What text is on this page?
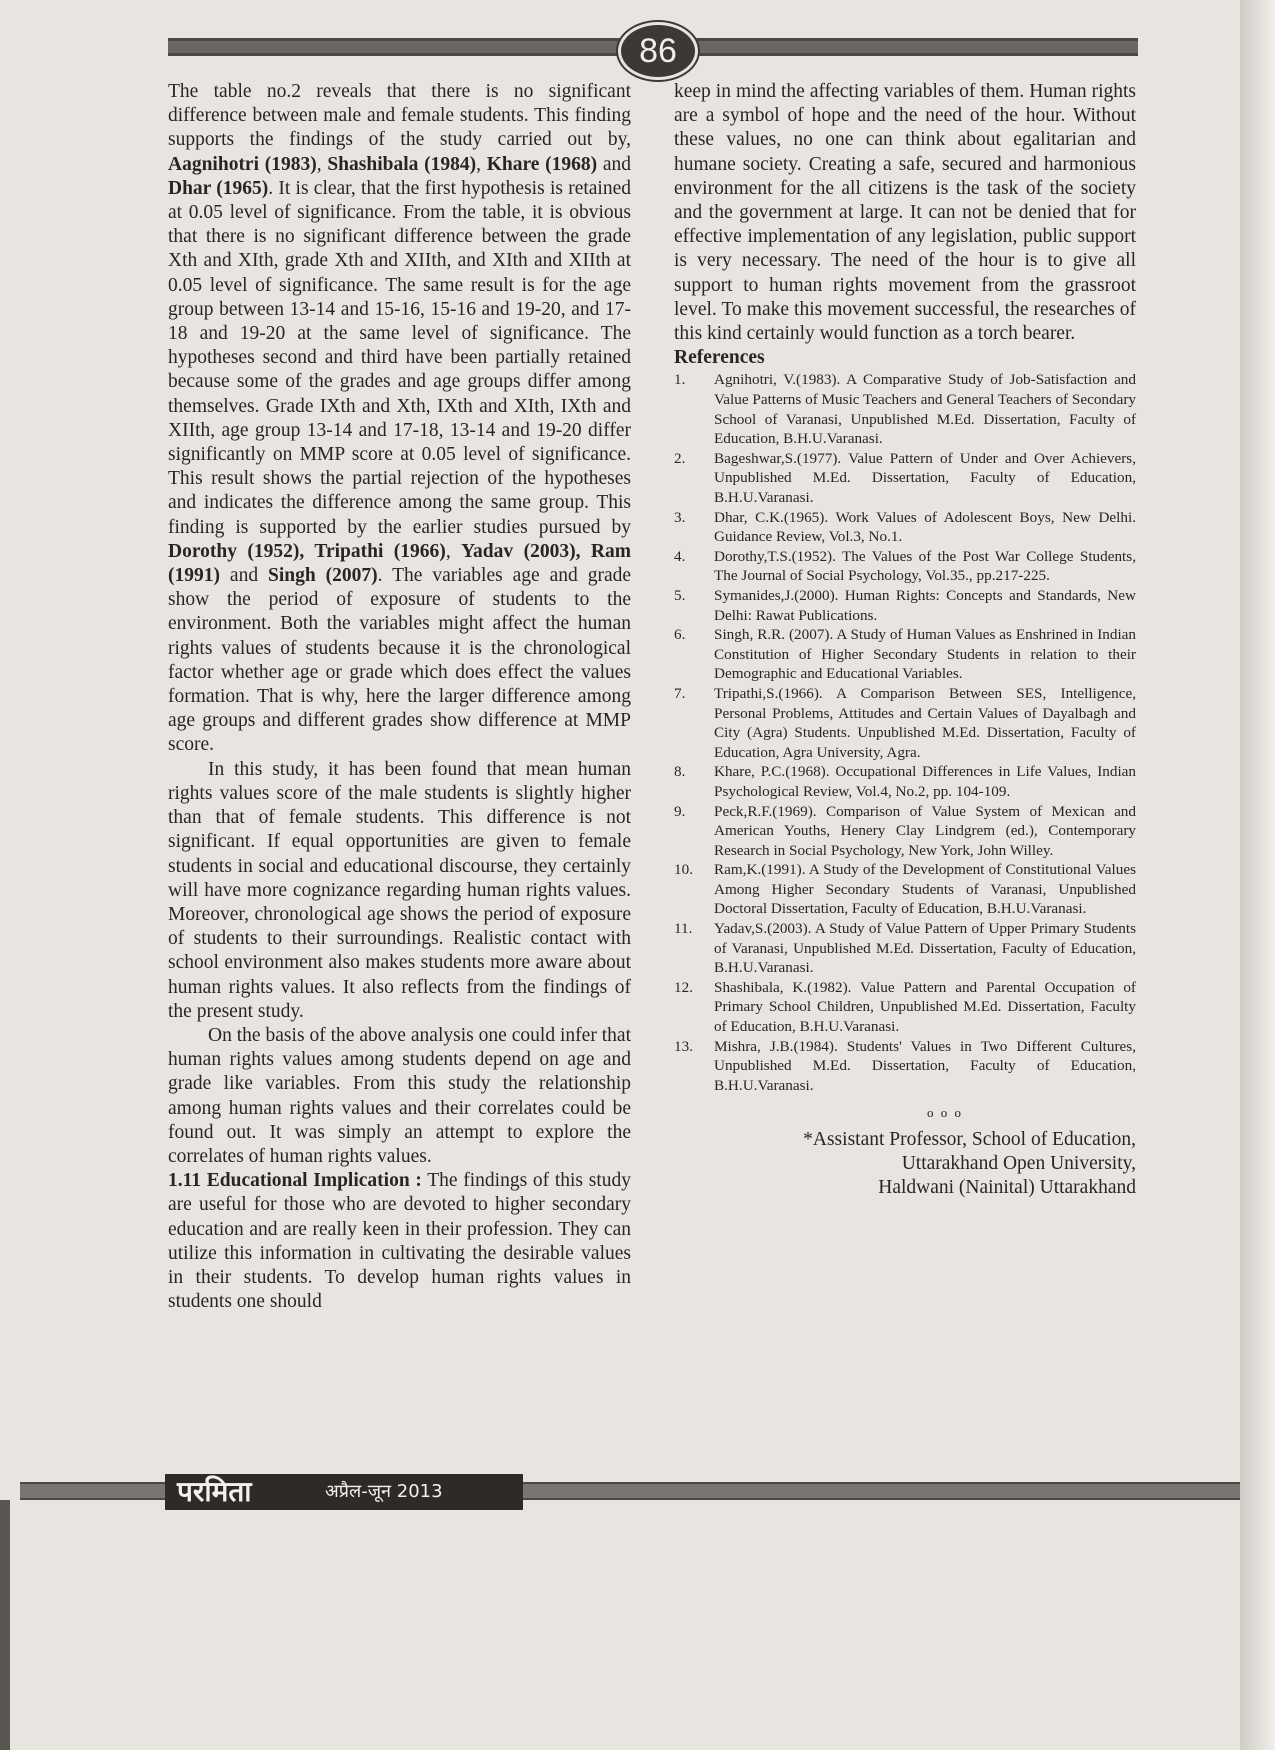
86

The table no.2 reveals that there is no significant difference between male and female students. This finding supports the findings of the study carried out by, Aagnihotri (1983), Shashibala (1984), Khare (1968) and Dhar (1965). It is clear, that the first hypothesis is retained at 0.05 level of significance. From the table, it is obvious that there is no significant difference between the grade Xth and XIth, grade Xth and XIIth, and XIth and XIIth at 0.05 level of significance. The same result is for the age group between 13-14 and 15-16, 15-16 and 19-20, and 17-18 and 19-20 at the same level of significance. The hypotheses second and third have been partially retained because some of the grades and age groups differ among themselves. Grade IXth and Xth, IXth and XIth, IXth and XIIth, age group 13-14 and 17-18, 13-14 and 19-20 differ significantly on MMP score at 0.05 level of significance. This result shows the partial rejection of the hypotheses and indicates the difference among the same group. This finding is supported by the earlier studies pursued by Dorothy (1952), Tripathi (1966), Yadav (2003), Ram (1991) and Singh (2007). The variables age and grade show the period of exposure of students to the environment. Both the variables might affect the human rights values of students because it is the chronological factor whether age or grade which does effect the values formation. That is why, here the larger difference among age groups and different grades show difference at MMP score.

In this study, it has been found that mean human rights values score of the male students is slightly higher than that of female students. This difference is not significant. If equal opportunities are given to female students in social and educational discourse, they certainly will have more cognizance regarding human rights values. Moreover, chronological age shows the period of exposure of students to their surroundings. Realistic contact with school environment also makes students more aware about human rights values. It also reflects from the findings of the present study.

On the basis of the above analysis one could infer that human rights values among students depend on age and grade like variables. From this study the relationship among human rights values and their correlates could be found out. It was simply an attempt to explore the correlates of human rights values.

1.11 Educational Implication : The findings of this study are useful for those who are devoted to higher secondary education and are really keen in their profession. They can utilize this information in cultivating the desirable values in their students. To develop human rights values in students one should

keep in mind the affecting variables of them. Human rights are a symbol of hope and the need of the hour. Without these values, no one can think about egalitarian and humane society. Creating a safe, secured and harmonious environment for the all citizens is the task of the society and the government at large. It can not be denied that for effective implementation of any legislation, public support is very necessary. The need of the hour is to give all support to human rights movement from the grassroot level. To make this movement successful, the researches of this kind certainly would function as a torch bearer.

References
1. Agnihotri, V.(1983). A Comparative Study of Job-Satisfaction and Value Patterns of Music Teachers and General Teachers of Secondary School of Varanasi, Unpublished M.Ed. Dissertation, Faculty of Education, B.H.U.Varanasi.
2. Bageshwar,S.(1977). Value Pattern of Under and Over Achievers, Unpublished M.Ed. Dissertation, Faculty of Education, B.H.U.Varanasi.
3. Dhar, C.K.(1965). Work Values of Adolescent Boys, New Delhi. Guidance Review, Vol.3, No.1.
4. Dorothy,T.S.(1952). The Values of the Post War College Students, The Journal of Social Psychology, Vol.35., pp.217-225.
5. Symanides,J.(2000). Human Rights: Concepts and Standards, New Delhi: Rawat Publications.
6. Singh, R.R. (2007). A Study of Human Values as Enshrined in Indian Constitution of Higher Secondary Students in relation to their Demographic and Educational Variables.
7. Tripathi,S.(1966). A Comparison Between SES, Intelligence, Personal Problems, Attitudes and Certain Values of Dayalbagh and City (Agra) Students. Unpublished M.Ed. Dissertation, Faculty of Education, Agra University, Agra.
8. Khare, P.C.(1968). Occupational Differences in Life Values, Indian Psychological Review, Vol.4, No.2, pp. 104-109.
9. Peck,R.F.(1969). Comparison of Value System of Mexican and American Youths, Henery Clay Lindgrem (ed.), Contemporary Research in Social Psychology, New York, John Willey.
10. Ram,K.(1991). A Study of the Development of Constitutional Values Among Higher Secondary Students of Varanasi, Unpublished Doctoral Dissertation, Faculty of Education, B.H.U.Varanasi.
11. Yadav,S.(2003). A Study of Value Pattern of Upper Primary Students of Varanasi, Unpublished M.Ed. Dissertation, Faculty of Education, B.H.U.Varanasi.
12. Shashibala, K.(1982). Value Pattern and Parental Occupation of Primary School Children, Unpublished M.Ed. Dissertation, Faculty of Education, B.H.U.Varanasi.
13. Mishra, J.B.(1984). Students' Values in Two Different Cultures, Unpublished M.Ed. Dissertation, Faculty of Education, B.H.U.Varanasi.
o o o
*Assistant Professor, School of Education,
Uttarakhand Open University,
Haldwani (Nainital) Uttarakhand
परमिता	अप्रैल-जून 2013
